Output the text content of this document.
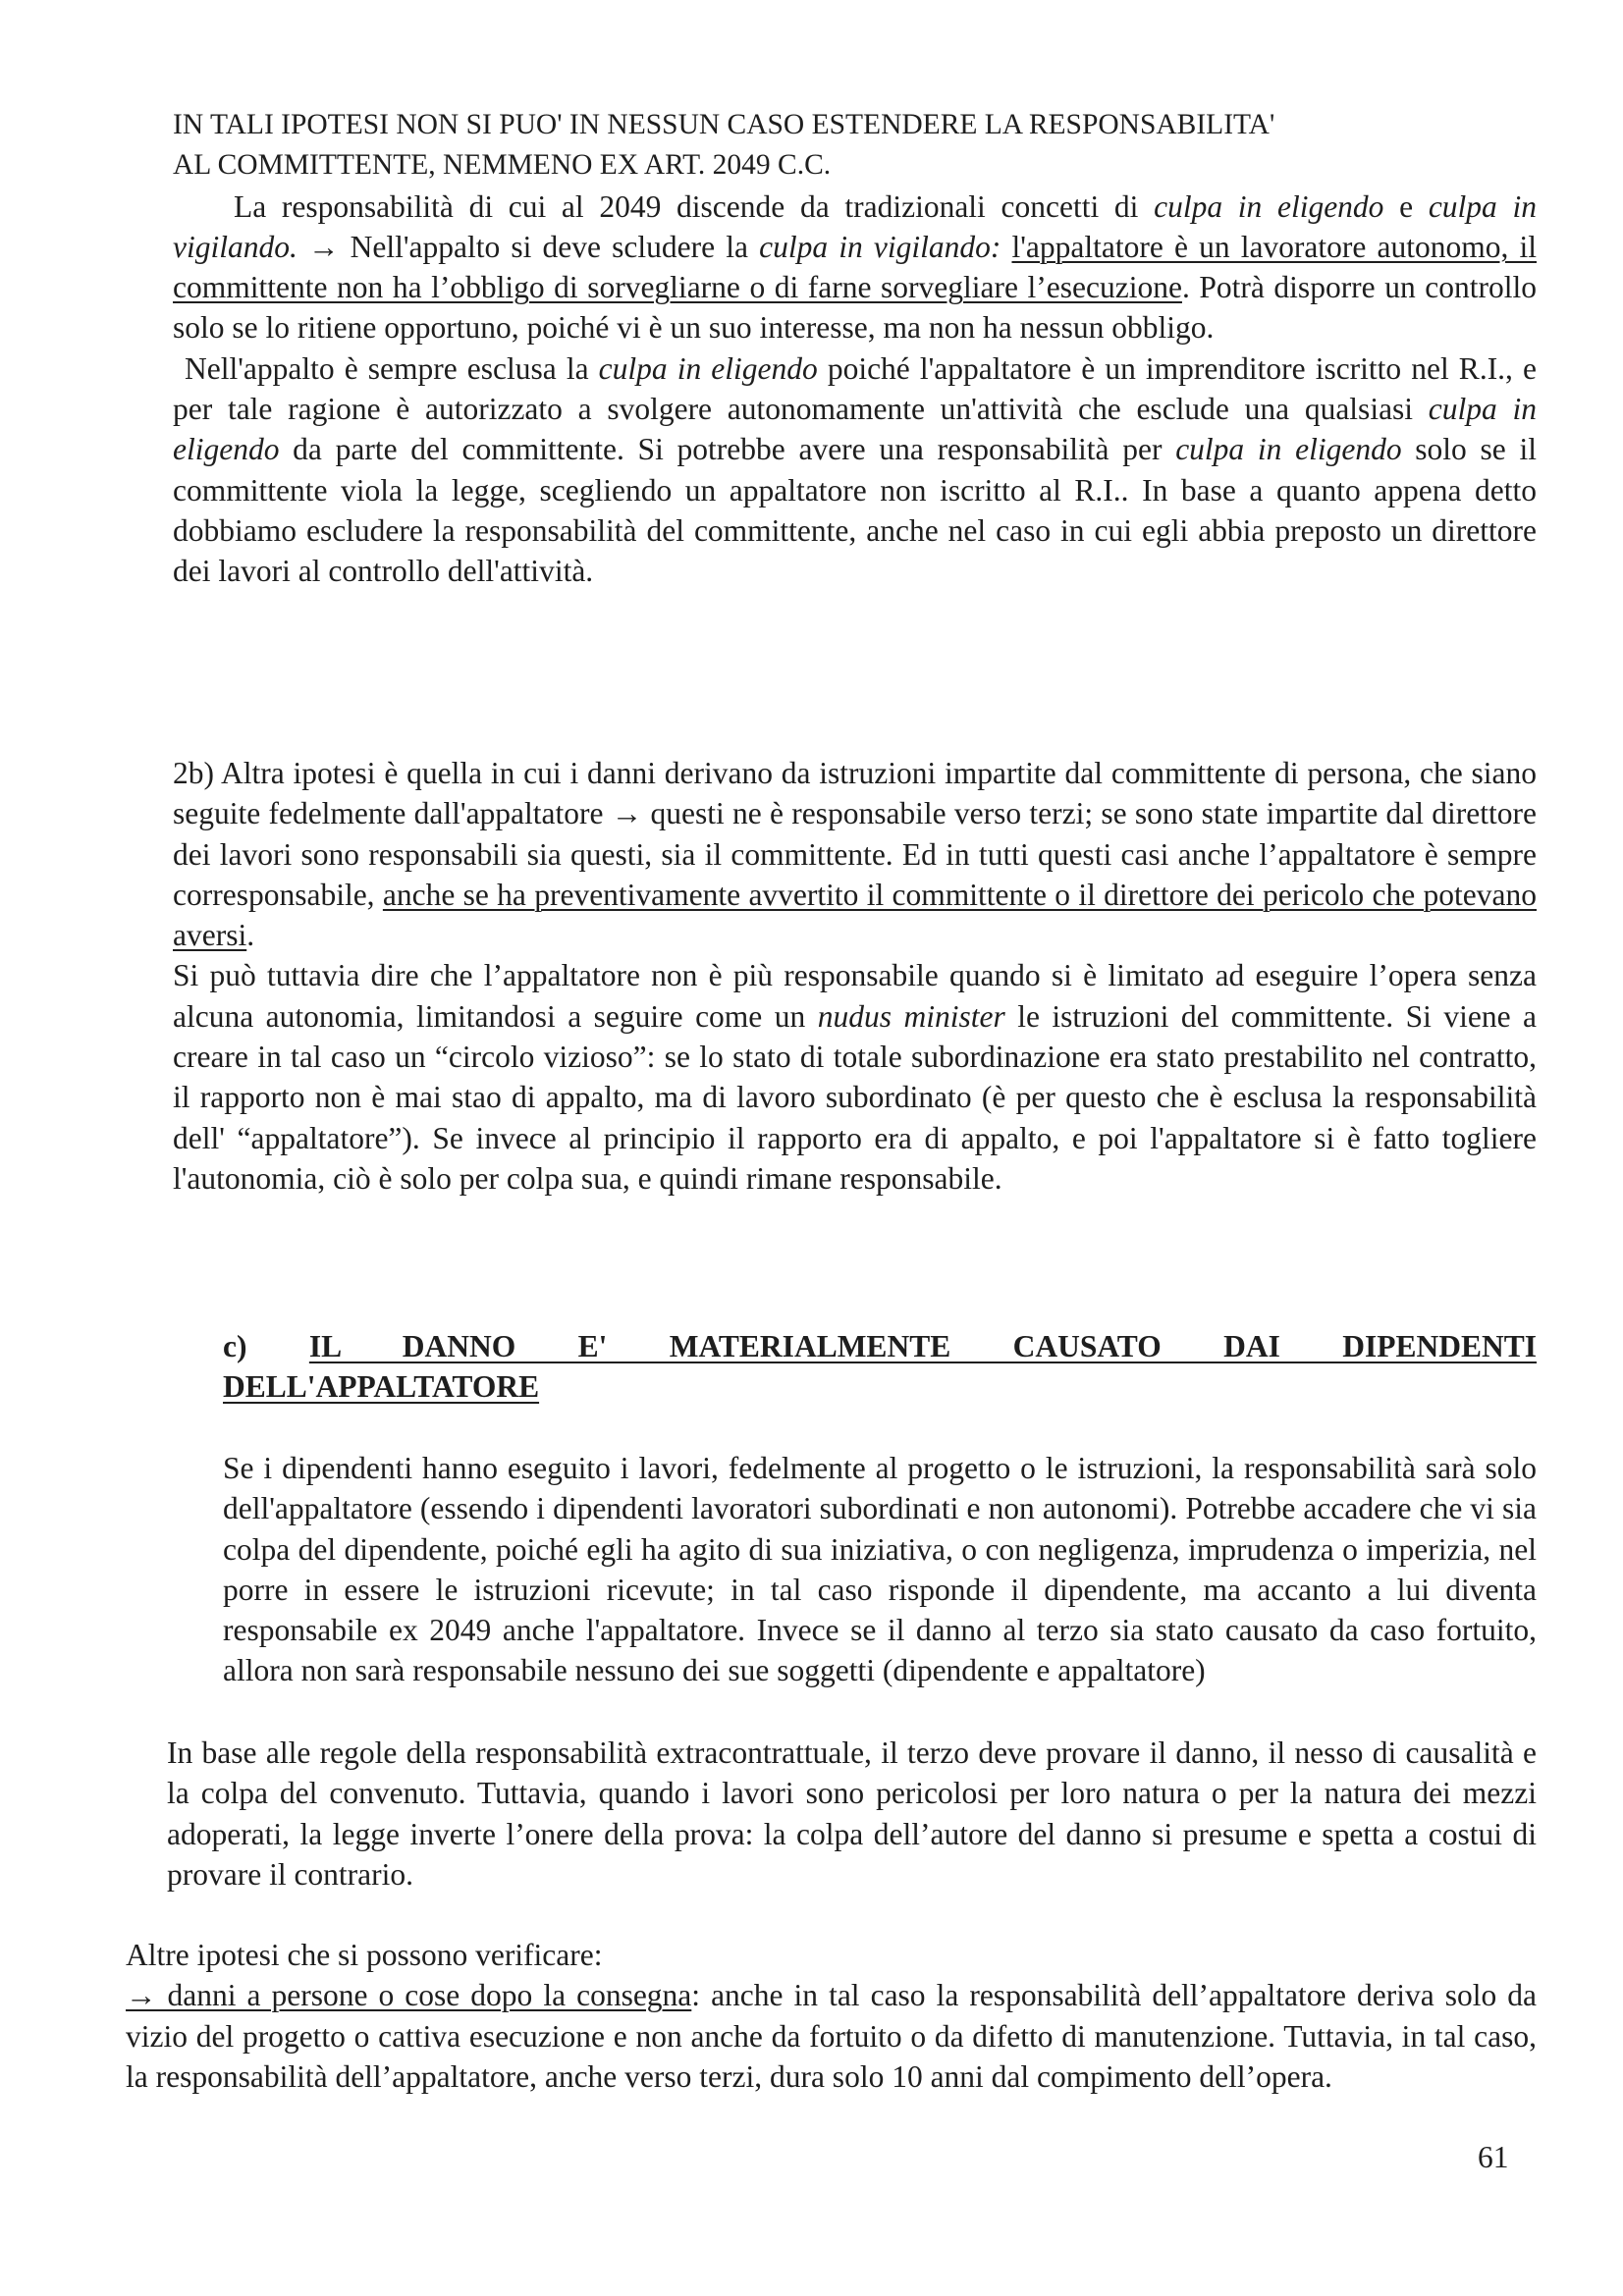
IN TALI IPOTESI NON SI PUO' IN NESSUN CASO ESTENDERE LA RESPONSABILITA'

AL COMMITTENTE, NEMMENO EX ART. 2049 C.C.

La responsabilità di cui al 2049 discende da tradizionali concetti di culpa in eligendo e culpa in vigilando. → Nell'appalto si deve scludere la culpa in vigilando: l'appaltatore è un lavoratore autonomo, il committente non ha l’obbligo di sorvegliarne o di farne sorvegliare l’esecuzione. Potrà disporre un controllo solo se lo ritiene opportuno, poiché vi è un suo interesse, ma non ha nessun obbligo.

Nell'appalto è sempre esclusa la culpa in eligendo poiché l'appaltatore è un imprenditore iscritto nel R.I., e per tale ragione è autorizzato a svolgere autonomamente un'attività che esclude una qualsiasi culpa in eligendo da parte del committente. Si potrebbe avere una responsabilità per culpa in eligendo solo se il committente viola la legge, scegliendo un appaltatore non iscritto al R.I.. In base a quanto appena detto dobbiamo escludere la responsabilità del committente, anche nel caso in cui egli abbia preposto un direttore dei lavori al controllo dell'attività.

2b) Altra ipotesi è quella in cui i danni derivano da istruzioni impartite dal committente di persona, che siano seguite fedelmente dall'appaltatore → questi ne è responsabile verso terzi; se sono state impartite dal direttore dei lavori sono responsabili sia questi, sia il committente. Ed in tutti questi casi anche l’appaltatore è sempre corresponsabile, anche se ha preventivamente avvertito il committente o il direttore dei pericolo che potevano aversi.

Si può tuttavia dire che l’appaltatore non è più responsabile quando si è limitato ad eseguire l’opera senza alcuna autonomia, limitandosi a seguire come un nudus minister le istruzioni del committente. Si viene a creare in tal caso un “circolo vizioso”: se lo stato di totale subordinazione era stato prestabilito nel contratto, il rapporto non è mai stao di appalto, ma di lavoro subordinato (è per questo che è esclusa la responsabilità dell' “appaltatore”). Se invece al principio il rapporto era di appalto, e poi l'appaltatore si è fatto togliere l'autonomia, ciò è solo per colpa sua, e quindi rimane responsabile.

c) IL DANNO E' MATERIALMENTE CAUSATO DAI DIPENDENTI

DELL'APPALTATORE

Se i dipendenti hanno eseguito i lavori, fedelmente al progetto o le istruzioni, la responsabilità sarà solo dell'appaltatore (essendo i dipendenti lavoratori subordinati e non autonomi). Potrebbe accadere che vi sia colpa del dipendente, poiché egli ha agito di sua iniziativa, o con negligenza, imprudenza o imperizia, nel porre in essere le istruzioni ricevute; in tal caso risponde il dipendente, ma accanto a lui diventa responsabile ex 2049 anche l'appaltatore. Invece se il danno al terzo sia stato causato da caso fortuito, allora non sarà responsabile nessuno dei sue soggetti (dipendente e appaltatore)

In base alle regole della responsabilità extracontrattuale, il terzo deve provare il danno, il nesso di causalità e la colpa del convenuto. Tuttavia, quando i lavori sono pericolosi per loro natura o per la natura dei mezzi adoperati, la legge inverte l’onere della prova: la colpa dell’autore del danno si presume e spetta a costui di provare il contrario.

Altre ipotesi che si possono verificare:

→ danni a persone o cose dopo la consegna: anche in tal caso la responsabilità dell’appaltatore deriva solo da vizio del progetto o cattiva esecuzione e non anche da fortuito o da difetto di manutenzione. Tuttavia, in tal caso, la responsabilità dell’appaltatore, anche verso terzi, dura solo 10 anni dal compimento dell’opera.

61
